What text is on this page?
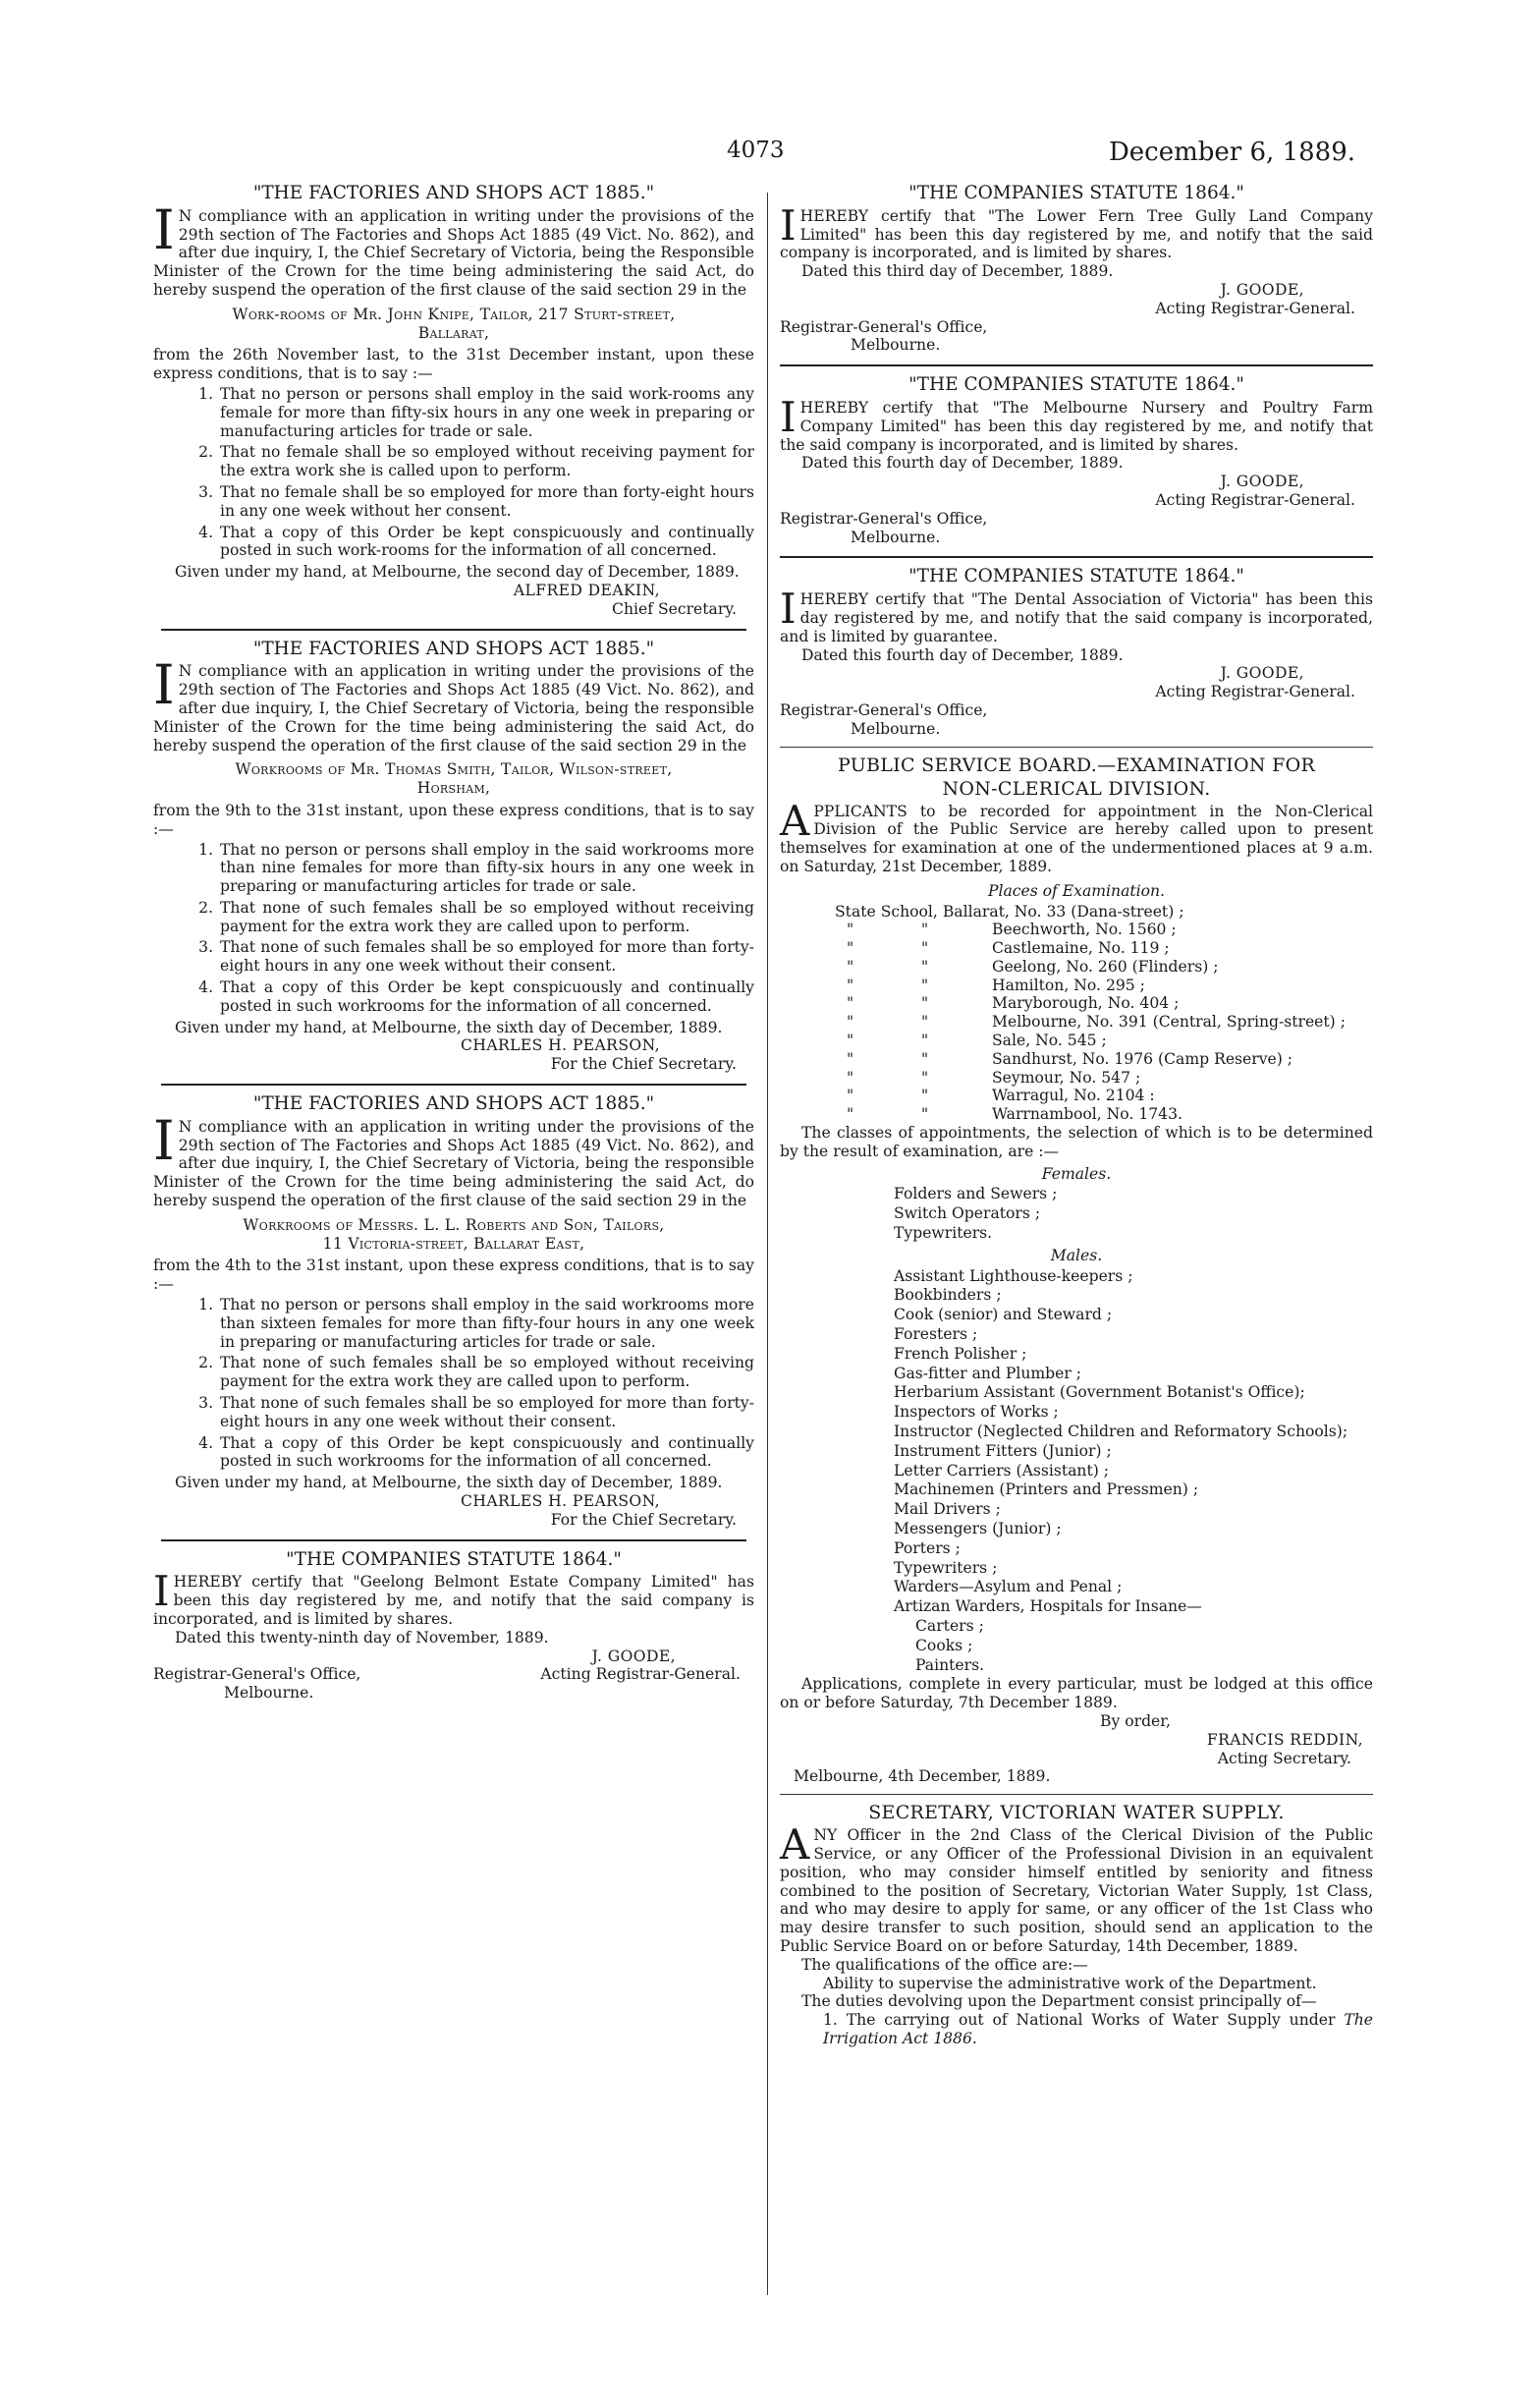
4073	December 6, 1889.
"THE FACTORIES AND SHOPS ACT 1885."
I N compliance with an application in writing under the provisions of the 29th section of The Factories and Shops Act 1885 (49 Vict. No. 862), and after due inquiry, I, the Chief Secretary of Victoria, being the Responsible Minister of the Crown for the time being administering the said Act, do hereby suspend the operation of the first clause of the said section 29 in the

Work-rooms of Mr. John Knipe, Tailor, 217 Sturt-street,
Ballarat,

from the 26th November last, to the 31st December instant, upon these express conditions, that is to say :—

1. That no person or persons shall employ in the said work-rooms any female for more than fifty-six hours in any one week in preparing or manufacturing articles for trade or sale.
2. That no female shall be so employed without receiving payment for the extra work she is called upon to perform.
3. That no female shall be so employed for more than forty-eight hours in any one week without her consent.
4. That a copy of this Order be kept conspicuously and continually posted in such work-rooms for the information of all concerned.

Given under my hand, at Melbourne, the second day of December, 1889.

ALFRED DEAKIN,
Chief Secretary.
"THE FACTORIES AND SHOPS ACT 1885."
I N compliance with an application in writing under the provisions of the 29th section of The Factories and Shops Act 1885 (49 Vict. No. 862), and after due inquiry, I, the Chief Secretary of Victoria, being the responsible Minister of the Crown for the time being administering the said Act, do hereby suspend the operation of the first clause of the said section 29 in the

Workrooms of Mr. Thomas Smith, Tailor, Wilson-street,
Horsham,

from the 9th to the 31st instant, upon these express conditions, that is to say :—

1. That no person or persons shall employ in the said workrooms more than nine females for more than fifty-six hours in any one week in preparing or manufacturing articles for trade or sale.
2. That none of such females shall be so employed without receiving payment for the extra work they are called upon to perform.
3. That none of such females shall be so employed for more than forty-eight hours in any one week without their consent.
4. That a copy of this Order be kept conspicuously and continually posted in such workrooms for the information of all concerned.

Given under my hand, at Melbourne, the sixth day of December, 1889.

CHARLES H. PEARSON,
For the Chief Secretary.
"THE FACTORIES AND SHOPS ACT 1885."
I N compliance with an application in writing under the provisions of the 29th section of The Factories and Shops Act 1885 (49 Vict. No. 862), and after due inquiry, I, the Chief Secretary of Victoria, being the responsible Minister of the Crown for the time being administering the said Act, do hereby suspend the operation of the first clause of the said section 29 in the

Workrooms of Messrs. L. L. Roberts and Son, Tailors,
11 Victoria-street, Ballarat East,

from the 4th to the 31st instant, upon these express conditions, that is to say :—

1. That no person or persons shall employ in the said workrooms more than sixteen females for more than fifty-four hours in any one week in preparing or manufacturing articles for trade or sale.
2. That none of such females shall be so employed without receiving payment for the extra work they are called upon to perform.
3. That none of such females shall be so employed for more than forty-eight hours in any one week without their consent.
4. That a copy of this Order be kept conspicuously and continually posted in such workrooms for the information of all concerned.

Given under my hand, at Melbourne, the sixth day of December, 1889.

CHARLES H. PEARSON,
For the Chief Secretary.
"THE COMPANIES STATUTE 1864."
I HEREBY certify that "Geelong Belmont Estate Company Limited" has been this day registered by me, and notify that the said company is incorporated, and is limited by shares.

Dated this twenty-ninth day of November, 1889.

J. GOODE,
Registrar-General's Office,	Acting Registrar-General.
Melbourne.
"THE COMPANIES STATUTE 1864."
I HEREBY certify that "The Lower Fern Tree Gully Land Company Limited" has been this day registered by me, and notify that the said company is incorporated, and is limited by shares.

Dated this third day of December, 1889.

J. GOODE,
Acting Registrar-General.
Registrar-General's Office,
Melbourne.
"THE COMPANIES STATUTE 1864."
I HEREBY certify that "The Melbourne Nursery and Poultry Farm Company Limited" has been this day registered by me, and notify that the said company is incorporated, and is limited by shares.

Dated this fourth day of December, 1889.

J. GOODE,
Acting Registrar-General.
Registrar-General's Office,
Melbourne.
"THE COMPANIES STATUTE 1864."
I HEREBY certify that "The Dental Association of Victoria" has been this day registered by me, and notify that the said company is incorporated, and is limited by guarantee.

Dated this fourth day of December, 1889.

J. GOODE,
Acting Registrar-General.
Registrar-General's Office,
Melbourne.
PUBLIC SERVICE BOARD.—EXAMINATION FOR
NON-CLERICAL DIVISION.
A PPLICANTS to be recorded for appointment in the Non-Clerical Division of the Public Service are hereby called upon to present themselves for examination at one of the undermentioned places at 9 a.m. on Saturday, 21st December, 1889.

Places of Examination.
State School, Ballarat, No. 33 (Dana-street) ;
"	"	Beechworth, No. 1560 ;
"	"	Castlemaine, No. 119 ;
"	"	Geelong, No. 260 (Flinders) ;
"	"	Hamilton, No. 295 ;
"	"	Maryborough, No. 404 ;
"	"	Melbourne, No. 391 (Central, Spring-street) ;
"	"	Sale, No. 545 ;
"	"	Sandhurst, No. 1976 (Camp Reserve) ;
"	"	Seymour, No. 547 ;
"	"	Warragul, No. 2104 :
"	"	Warrnambool, No. 1743.

The classes of appointments, the selection of which is to be determined by the result of examination, are :—

Females.
Folders and Sewers ;
Switch Operators ;
Typewriters.
Males.
Assistant Lighthouse-keepers ;
Bookbinders ;
Cook (senior) and Steward ;
Foresters ;
French Polisher ;
Gas-fitter and Plumber ;
Herbarium Assistant (Government Botanist's Office);
Inspectors of Works ;
Instructor (Neglected Children and Reformatory Schools);
Instrument Fitters (Junior) ;
Letter Carriers (Assistant) ;
Machinemen (Printers and Pressmen) ;
Mail Drivers ;
Messengers (Junior) ;
Porters ;
Typewriters ;
Warders—Asylum and Penal ;
Artizan Warders, Hospitals for Insane—
Carters ;
Cooks ;
Painters.

Applications, complete in every particular, must be lodged at this office on or before Saturday, 7th December 1889.

By order,
FRANCIS REDDIN,
Acting Secretary.
Melbourne, 4th December, 1889.
SECRETARY, VICTORIAN WATER SUPPLY.
A NY Officer in the 2nd Class of the Clerical Division of the Public Service, or any Officer of the Professional Division in an equivalent position, who may consider himself entitled by seniority and fitness combined to the position of Secretary, Victorian Water Supply, 1st Class, and who may desire to apply for same, or any officer of the 1st Class who may desire transfer to such position, should send an application to the Public Service Board on or before Saturday, 14th December, 1889.

The qualifications of the office are:—

Ability to supervise the administrative work of the Department.

The duties devolving upon the Department consist principally of—

1. The carrying out of National Works of Water Supply under The Irrigation Act 1886.
